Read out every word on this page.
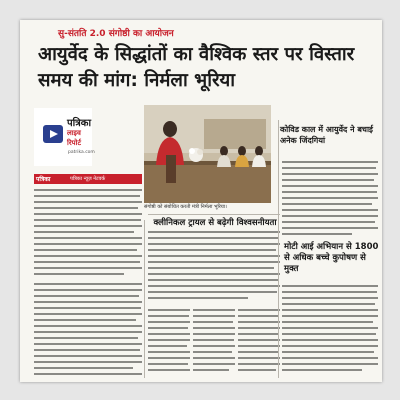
सु-संतति 2.0 संगोष्ठी का आयोजन
आयुर्वेद के सिद्धांतों का वैश्विक स्तर पर विस्तार समय की मांग: निर्मला भूरिया
पत्रिका
लाइव
रिपोर्ट
patrika.com
पत्रिका	पत्रिका न्यूज़ नेटवर्क
संगोष्ठी को संबोधित करती मंत्री निर्मला भूरिया।
कोविड काल में आयुर्वेद ने बचाई अनेक जिंदगियां
मोटी आई अभियान से 1800 से अधिक बच्चे कुपोषण से मुक्त
क्लीनिकल ट्रायल से बढ़ेगी विश्वसनीयता
